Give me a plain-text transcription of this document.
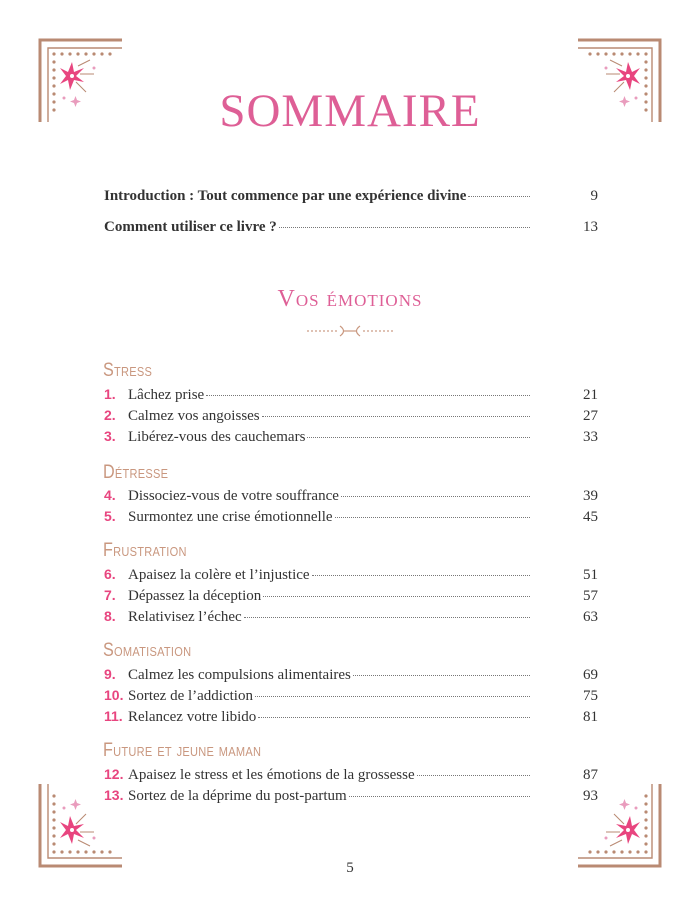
SOMMAIRE
Introduction : Tout commence par une expérience divine	9
Comment utiliser ce livre ?	13
Vos émotions
Stress
1. Lâchez prise	21
2. Calmez vos angoisses	27
3. Libérez-vous des cauchemars	33
Détresse
4. Dissociez-vous de votre souffrance	39
5. Surmontez une crise émotionnelle	45
Frustration
6. Apaisez la colère et l’injustice	51
7. Dépassez la déception	57
8. Relativisez l’échec	63
Somatisation
9. Calmez les compulsions alimentaires	69
10. Sortez de l’addiction	75
11. Relancez votre libido	81
Future et jeune maman
12. Apaisez le stress et les émotions de la grossesse	87
13. Sortez de la déprime du post-partum	93
5
